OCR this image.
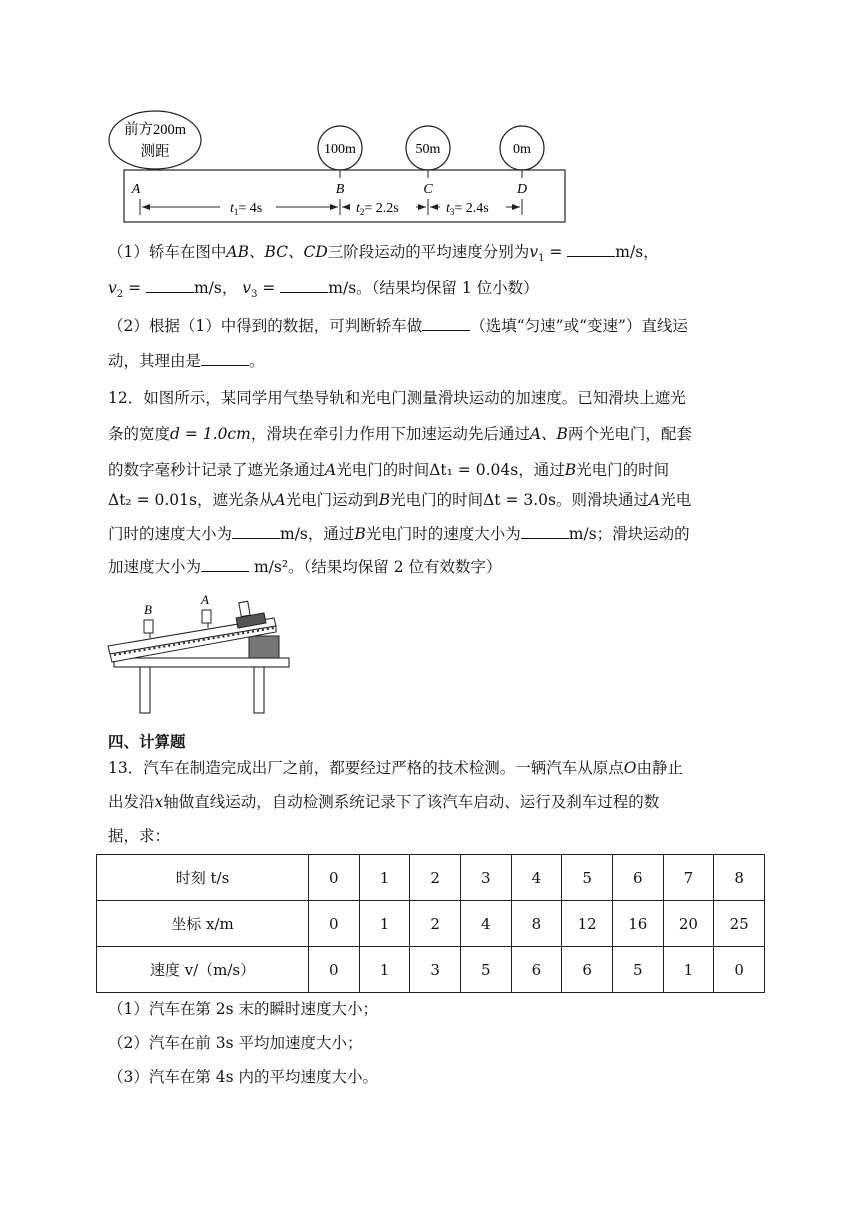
前方200m
测距	100m	50m	0m
A	B	C	D
$t_1= 4s$	$t_2= 2.2s$	$t_3= 2.4s$
（1）轿车在图中AB、BC、CD三阶段运动的平均速度分别为$v_1$ =	m/s，
$v_2$ =	m/s， $v_3$ =	m/s。（结果均保留 1 位小数）
（2）根据（1）中得到的数据，可判断轿车做	（选填“匀速”或“变速”）直线运
动，其理由是	。
12．如图所示，某同学用气垫导轨和光电门测量滑块运动的加速度。已知滑块上遮光
条的宽度d = 1.0cm，滑块在牵引力作用下加速运动先后通过A、B两个光电门，配套
的数字毫秒计记录了遮光条通过A光电门的时间Δt₁ = 0.04s，通过B光电门的时间
Δt₂ = 0.01s，遮光条从A光电门运动到B光电门的时间Δt = 3.0s。则滑块通过A光电
门时的速度大小为	m/s，通过B光电门时的速度大小为	m/s；滑块运动的
加速度大小为	m/s²。（结果均保留 2 位有效数字）
B
A
四、计算题
13．汽车在制造完成出厂之前，都要经过严格的技术检测。一辆汽车从原点O由静止
出发沿x轴做直线运动，自动检测系统记录下了该汽车启动、运行及刹车过程的数
据，求：
时刻 t/s	0	1	2	3	4	5	6	7	8
坐标 x/m	0	1	2	4	8	12	16	20	25
速度 v/（m/s）	0	1	3	5	6	6	5	1	0
（1）汽车在第 2s 末的瞬时速度大小；
（2）汽车在前 3s 平均加速度大小；
（3）汽车在第 4s 内的平均速度大小。
